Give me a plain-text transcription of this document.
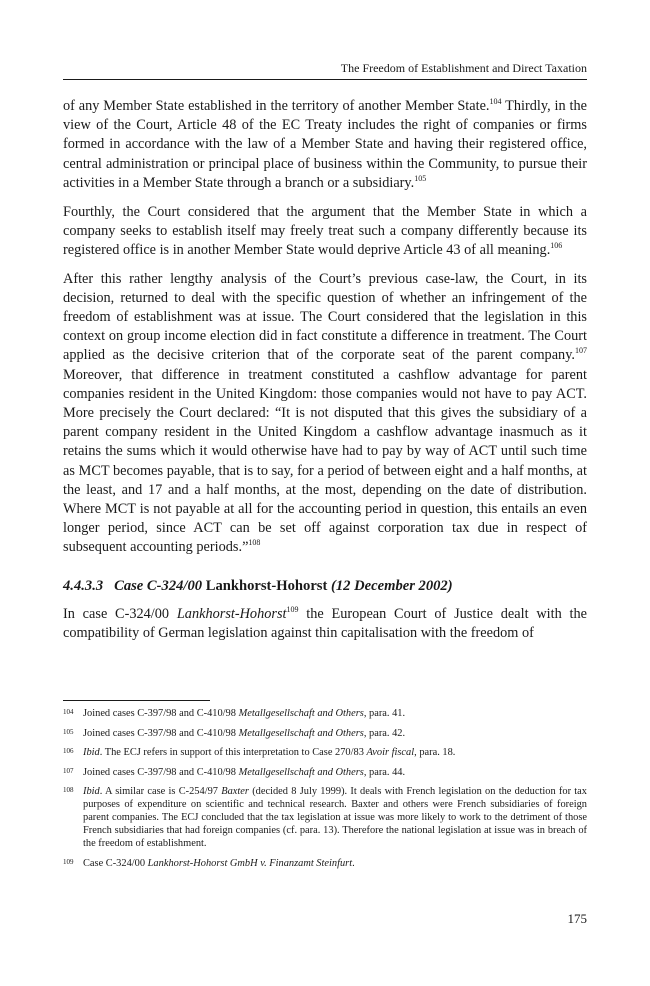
The Freedom of Establishment and Direct Taxation

of any Member State established in the territory of another Member State.$^{104}$ Thirdly, in the view of the Court, Article 48 of the EC Treaty includes the right of companies or firms formed in accordance with the law of a Member State and having their registered office, central administration or principal place of business within the Community, to pursue their activities in a Member State through a branch or a subsidiary.$^{105}$

Fourthly, the Court considered that the argument that the Member State in which a company seeks to establish itself may freely treat such a company differently because its registered office is in another Member State would deprive Article 43 of all meaning.$^{106}$

After this rather lengthy analysis of the Court’s previous case-law, the Court, in its decision, returned to deal with the specific question of whether an infringement of the freedom of establishment was at issue. The Court considered that the legislation in this context on group income election did in fact constitute a difference in treatment. The Court applied as the decisive criterion that of the corporate seat of the parent company.$^{107}$ Moreover, that difference in treatment constituted a cashflow advantage for parent companies resident in the United Kingdom: those companies would not have to pay ACT. More precisely the Court declared: “It is not disputed that this gives the subsidiary of a parent company resident in the United Kingdom a cashflow advantage inasmuch as it retains the sums which it would otherwise have had to pay by way of ACT until such time as MCT becomes payable, that is to say, for a period of between eight and a half months, at the least, and 17 and a half months, at the most, depending on the date of distribution. Where MCT is not payable at all for the accounting period in question, this entails an even longer period, since ACT can be set off against corporation tax due in respect of subsequent accounting periods.”$^{108}$

4.4.3.3 Case C-324/00 Lankhorst-Hohorst (12 December 2002)

In case C-324/00 Lankhorst-Hohorst$^{109}$ the European Court of Justice dealt with the compatibility of German legislation against thin capitalisation with the freedom of

104 Joined cases C-397/98 and C-410/98 Metallgesellschaft and Others, para. 41.
105 Joined cases C-397/98 and C-410/98 Metallgesellschaft and Others, para. 42.
106 Ibid. The ECJ refers in support of this interpretation to Case 270/83 Avoir fiscal, para. 18.
107 Joined cases C-397/98 and C-410/98 Metallgesellschaft and Others, para. 44.
108 Ibid. A similar case is C-254/97 Baxter (decided 8 July 1999). It deals with French legislation on the deduction for tax purposes of expenditure on scientific and technical research. Baxter and others were French subsidiaries of foreign parent companies. The ECJ concluded that the tax legislation at issue was more likely to work to the detriment of those French subsidiaries that had foreign companies (cf. para. 13). Therefore the national legislation at issue was in breach of the freedom of establishment.
109 Case C-324/00 Lankhorst-Hohorst GmbH v. Finanzamt Steinfurt.
175
